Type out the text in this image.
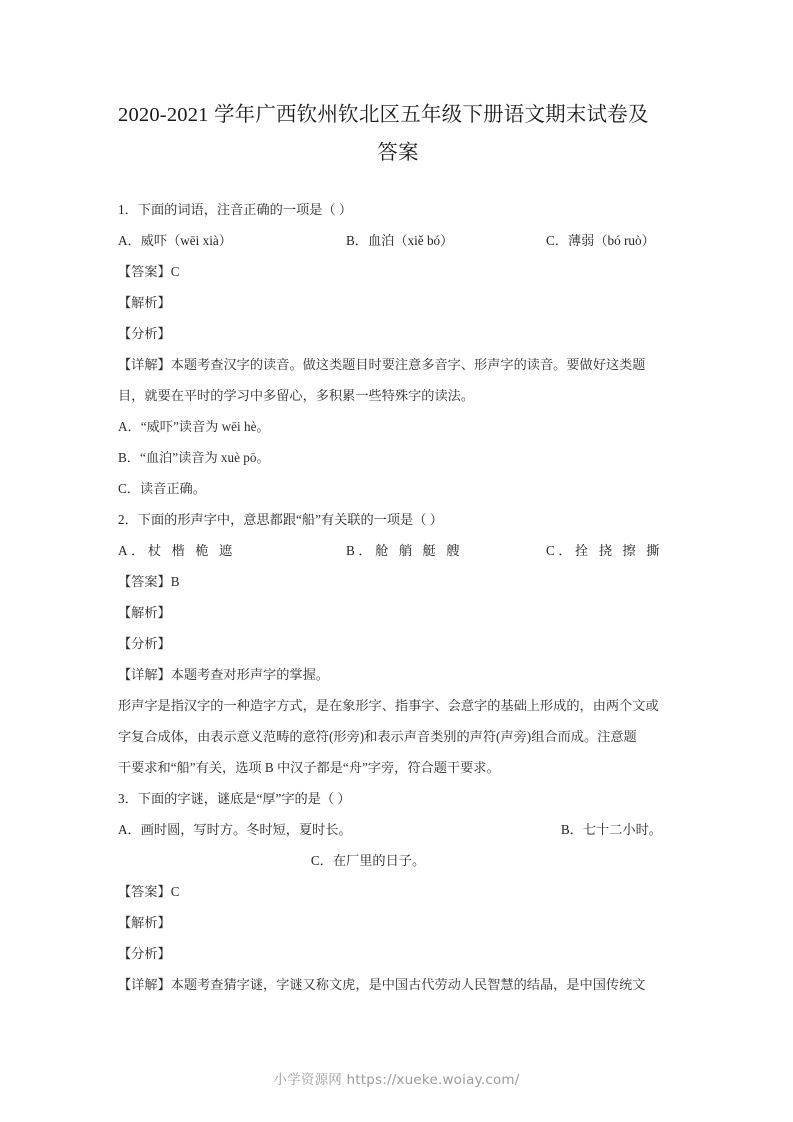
2020-2021 学年广西钦州钦北区五年级下册语文期末试卷及
答案
1．下面的词语，注音正确的一项是（ ）
A．威吓（wēi xià）	B．血泊（xiě bó）	C．薄弱（bó ruò）
【答案】C
【解析】
【分析】
【详解】本题考查汉字的读音。做这类题目时要注意多音字、形声字的读音。要做好这类题
目，就要在平时的学习中多留心，多积累一些特殊字的读法。
A．“威吓”读音为 wēi hè。
B．“血泊”读音为 xuè pō。
C．读音正确。
2．下面的形声字中，意思都跟“船”有关联的一项是（ ）
A．杖 楷 桅 遮	B．舱 艄 艇 艘	C．拴 挠 擦 撕
【答案】B
【解析】
【分析】
【详解】本题考查对形声字的掌握。
形声字是指汉字的一种造字方式，是在象形字、指事字、会意字的基础上形成的，由两个文或
字复合成体，由表示意义范畴的意符(形旁)和表示声音类别的声符(声旁)组合而成。注意题
干要求和“船”有关，选项 B 中汉子都是“舟”字旁，符合题干要求。
3．下面的字谜，谜底是“厚”字的是（ ）
A．画时圆，写时方。冬时短，夏时长。	B．七十二小时。
C．在厂里的日子。
【答案】C
【解析】
【分析】
【详解】本题考查猜字谜，字谜又称文虎，是中国古代劳动人民智慧的结晶，是中国传统文
小学资源网 https://xueke.woiay.com/
